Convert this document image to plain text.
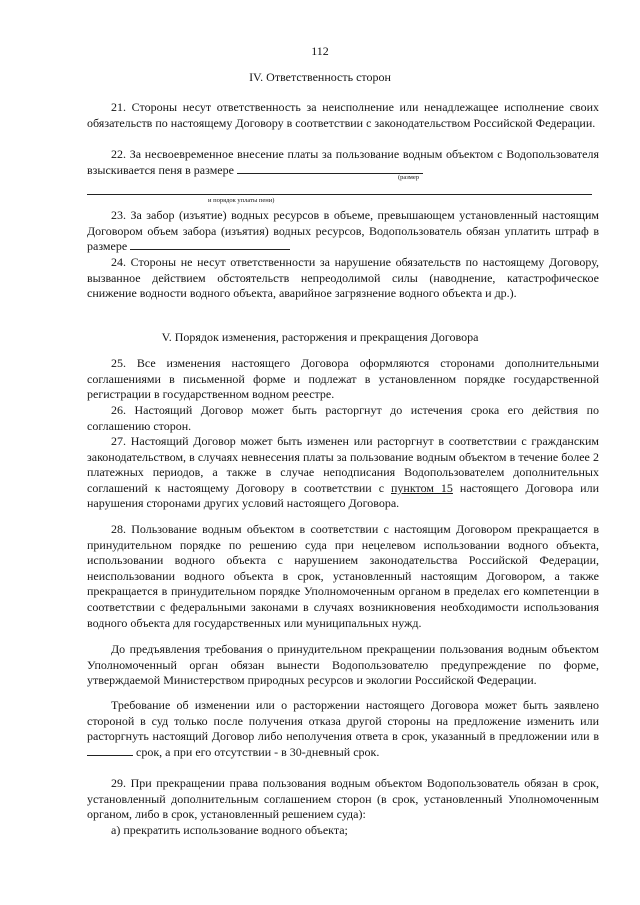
112
IV. Ответственность сторон
21. Стороны несут ответственность за неисполнение или ненадлежащее исполнение своих обязательств по настоящему Договору в соответствии с законодательством Российской Федерации.
22. За несвоевременное внесение платы за пользование водным объектом с Водопользователя взыскивается пеня в размере
(размер
и порядок уплаты пени)
23. За забор (изъятие) водных ресурсов в объеме, превышающем установленный настоящим Договором объем забора (изъятия) водных ресурсов, Водопользователь обязан уплатить штраф в размере
24. Стороны не несут ответственности за нарушение обязательств по настоящему Договору, вызванное действием обстоятельств непреодолимой силы (наводнение, катастрофическое снижение водности водного объекта, аварийное загрязнение водного объекта и др.).
V. Порядок изменения, расторжения и прекращения Договора
25. Все изменения настоящего Договора оформляются сторонами дополнительными соглашениями в письменной форме и подлежат в установленном порядке государственной регистрации в государственном водном реестре.
26. Настоящий Договор может быть расторгнут до истечения срока его действия по соглашению сторон.
27. Настоящий Договор может быть изменен или расторгнут в соответствии с гражданским законодательством, в случаях невнесения платы за пользование водным объектом в течение более 2 платежных периодов, а также в случае неподписания Водопользователем дополнительных соглашений к настоящему Договору в соответствии с пунктом 15 настоящего Договора или нарушения сторонами других условий настоящего Договора.
28. Пользование водным объектом в соответствии с настоящим Договором прекращается в принудительном порядке по решению суда при нецелевом использовании водного объекта, использовании водного объекта с нарушением законодательства Российской Федерации, неиспользовании водного объекта в срок, установленный настоящим Договором, а также прекращается в принудительном порядке Уполномоченным органом в пределах его компетенции в соответствии с федеральными законами в случаях возникновения необходимости использования водного объекта для государственных или муниципальных нужд.
До предъявления требования о принудительном прекращении пользования водным объектом Уполномоченный орган обязан вынести Водопользователю предупреждение по форме, утверждаемой Министерством природных ресурсов и экологии Российской Федерации.
Требование об изменении или о расторжении настоящего Договора может быть заявлено стороной в суд только после получения отказа другой стороны на предложение изменить или расторгнуть настоящий Договор либо неполучения ответа в срок, указанный в предложении или в  срок, а при его отсутствии - в 30-дневный срок.
29. При прекращении права пользования водным объектом Водопользователь обязан в срок, установленный дополнительным соглашением сторон (в срок, установленный Уполномоченным органом, либо в срок, установленный решением суда):
а) прекратить использование водного объекта;
